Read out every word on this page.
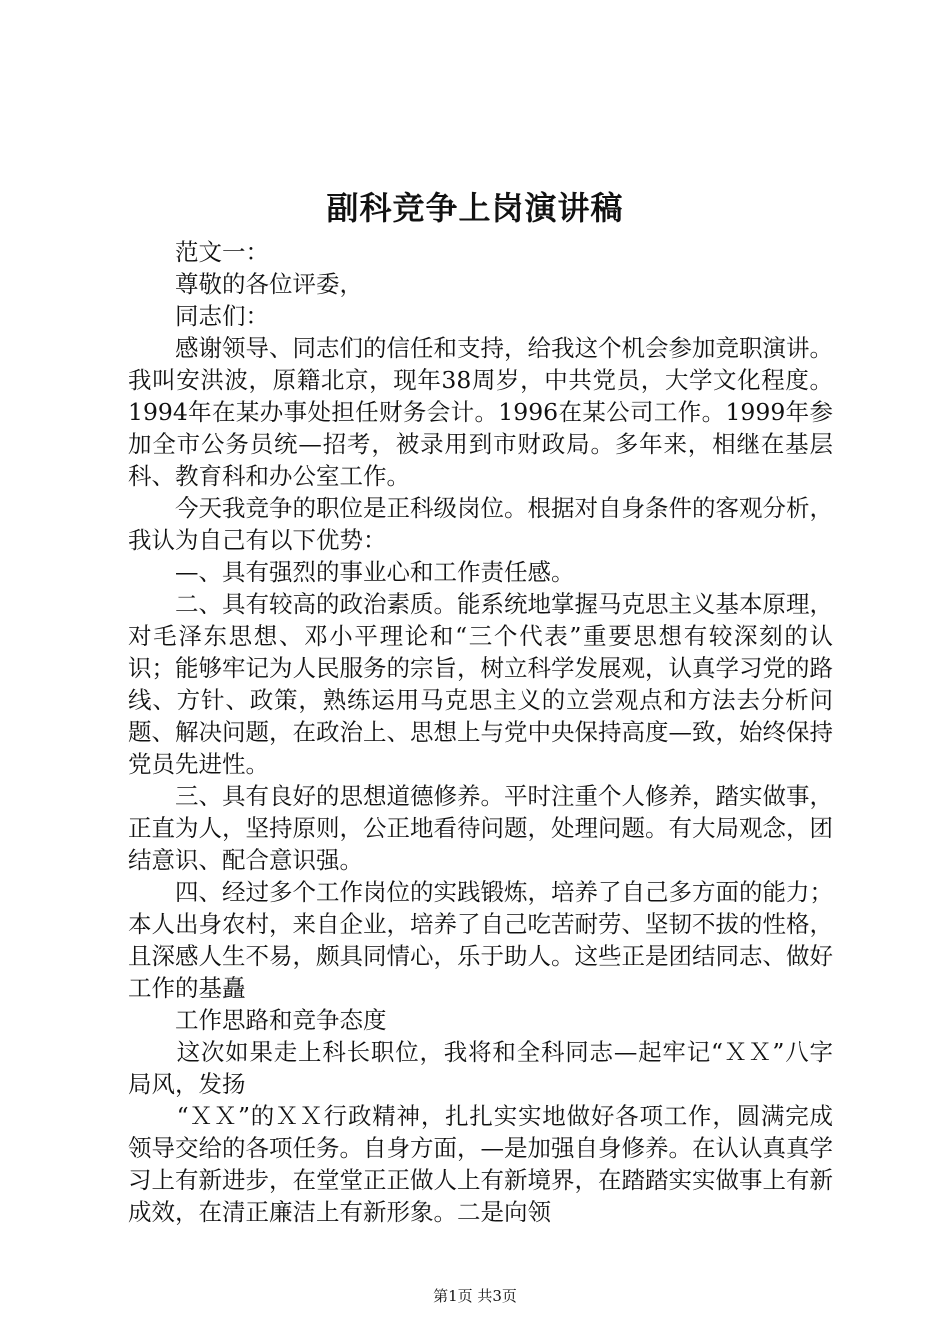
副科竞争上岗演讲稿

　　范文一：

　　尊敬的各位评委，

　　同志们：

　　感谢领导、同志们的信任和支持，给我这个机会参加竞职演讲。我叫安洪波，原籍北京，现年38周岁，中共党员，大学文化程度。1994年在某办事处担任财务会计。1996在某公司工作。1999年参加全市公务员统—招考，被录用到市财政局。多年来，相继在基层科、教育科和办公室工作。

　　今天我竞争的职位是正科级岗位。根据对自身条件的客观分析，我认为自己有以下优势：

　　—、具有强烈的事业心和工作责任感。

　　二、具有较高的政治素质。能系统地掌握马克思主义基本原理，对毛泽东思想、邓小平理论和“三个代表”重要思想有较深刻的认识；能够牢记为人民服务的宗旨，树立科学发展观，认真学习党的路线、方针、政策，熟练运用马克思主义的立尝观点和方法去分析问题、解决问题，在政治上、思想上与党中央保持高度—致，始终保持党员先进性。

　　三、具有良好的思想道德修养。平时注重个人修养，踏实做事，正直为人，坚持原则，公正地看待问题，处理问题。有大局观念，团结意识、配合意识强。

　　四、经过多个工作岗位的实践锻炼，培养了自己多方面的能力；本人出身农村，来自企业，培养了自己吃苦耐劳、坚韧不拔的性格，且深感人生不易，颇具同情心，乐于助人。这些正是团结同志、做好工作的基矗

　　工作思路和竞争态度

　　这次如果走上科长职位，我将和全科同志—起牢记“ＸＸ”八字局风，发扬

　　“ＸＸ”的ＸＸ行政精神，扎扎实实地做好各项工作，圆满完成领导交给的各项任务。自身方面，—是加强自身修养。在认认真真学习上有新进步，在堂堂正正做人上有新境界，在踏踏实实做事上有新成效，在清正廉洁上有新形象。二是向领

第1页 共3页
